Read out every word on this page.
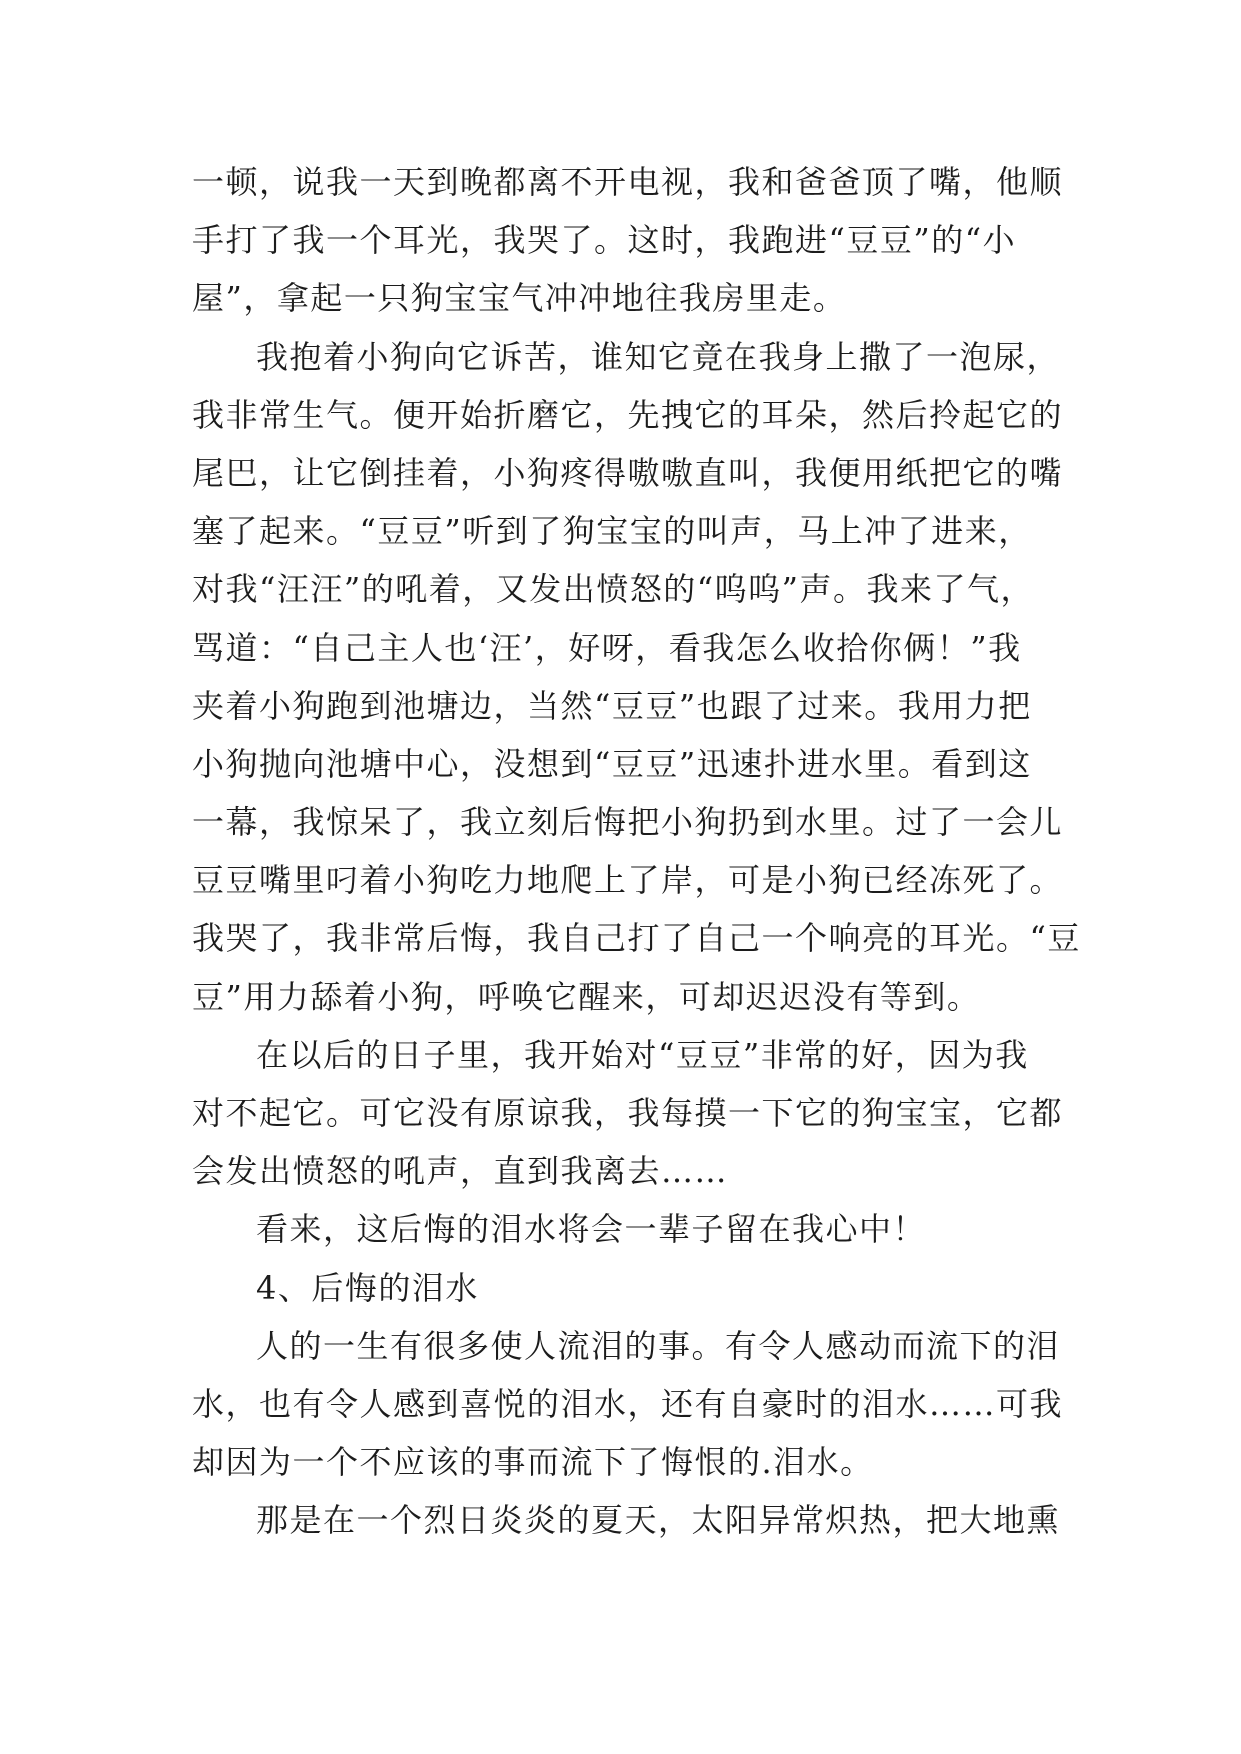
一顿，说我一天到晚都离不开电视，我和爸爸顶了嘴，他顺
手打了我一个耳光，我哭了。这时，我跑进“豆豆”的“小
屋”，拿起一只狗宝宝气冲冲地往我房里走。
我抱着小狗向它诉苦，谁知它竟在我身上撒了一泡尿，
我非常生气。便开始折磨它，先拽它的耳朵，然后拎起它的
尾巴，让它倒挂着，小狗疼得嗷嗷直叫，我便用纸把它的嘴
塞了起来。“豆豆”听到了狗宝宝的叫声，马上冲了进来，
对我“汪汪”的吼着，又发出愤怒的“呜呜”声。我来了气，
骂道：“自己主人也‘汪’，好呀，看我怎么收拾你俩！”我
夹着小狗跑到池塘边，当然“豆豆”也跟了过来。我用力把
小狗抛向池塘中心，没想到“豆豆”迅速扑进水里。看到这
一幕，我惊呆了，我立刻后悔把小狗扔到水里。过了一会儿
豆豆嘴里叼着小狗吃力地爬上了岸，可是小狗已经冻死了。
我哭了，我非常后悔，我自己打了自己一个响亮的耳光。“豆
豆”用力舔着小狗，呼唤它醒来，可却迟迟没有等到。
在以后的日子里，我开始对“豆豆”非常的好，因为我
对不起它。可它没有原谅我，我每摸一下它的狗宝宝，它都
会发出愤怒的吼声，直到我离去……
看来，这后悔的泪水将会一辈子留在我心中！
4、后悔的泪水
人的一生有很多使人流泪的事。有令人感动而流下的泪
水，也有令人感到喜悦的泪水，还有自豪时的泪水……可我
却因为一个不应该的事而流下了悔恨的.泪水。
那是在一个烈日炎炎的夏天，太阳异常炽热，把大地熏
